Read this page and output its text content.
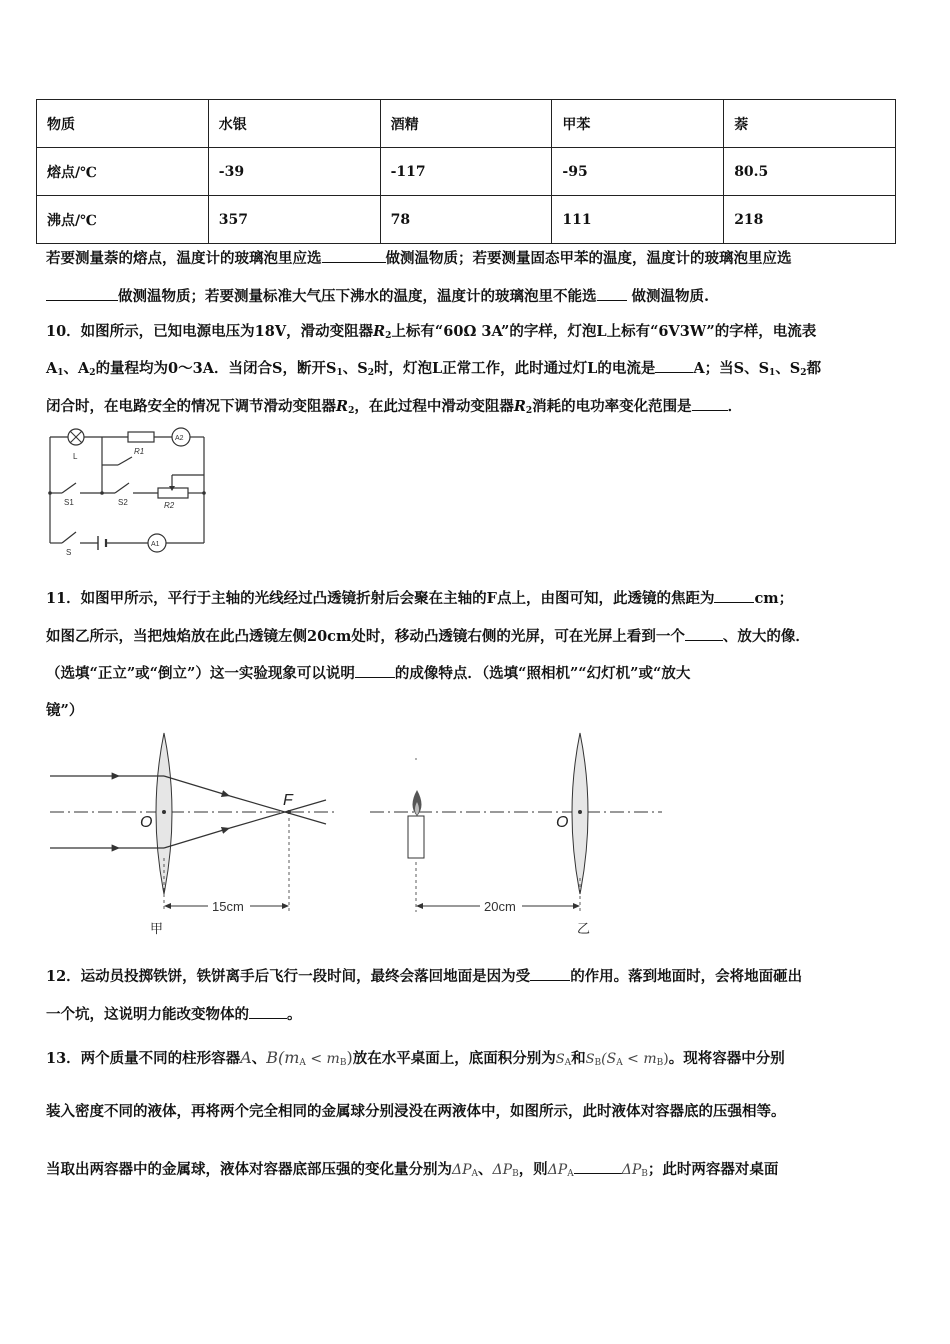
物质	水银	酒精	甲苯	萘
熔点/℃	-39	-117	-95	80.5
沸点/℃	357	78	111	218
若要测量萘的熔点，温度计的玻璃泡里应选	做测温物质；若要测量固态甲苯的温度，温度计的玻璃泡里应选
做测温物质；若要测量标准大气压下沸水的温度，温度计的玻璃泡里不能选 做测温物质.
10．如图所示，已知电源电压为18V，滑动变阻器$R_2$上标有“60Ω 3A”的字样，灯泡L上标有“6V3W”的字样，电流表
$A_1$、$A_2$的量程均为0～3A．当闭合S，断开$S_1$、$S_2$时，灯泡L正常工作，此时通过灯L的电流是	A；当S、$S_1$、$S_2$都
闭合时，在电路安全的情况下调节滑动变阻器$R_2$，在此过程中滑动变阻器$R_2$消耗的电功率变化范围是 ．
L
R1
A2
S1	S2	R2
S
A1
11．如图甲所示，平行于主轴的光线经过凸透镜折射后会聚在主轴的F点上，由图可知，此透镜的焦距为	cm；
如图乙所示，当把烛焰放在此凸透镜左侧20cm处时，移动凸透镜右侧的光屏，可在光屏上看到一个	、放大的像．
（选填“正立”或“倒立”）这一实验现象可以说明	的成像特点．（选填“照相机”“幻灯机”或“放大
镜”）
O
F
15cm
甲
O
20cm
乙
12．运动员投掷铁饼，铁饼离手后飞行一段时间，最终会落回地面是因为受	的作用。落到地面时，会将地面砸出
一个坑，这说明力能改变物体的	。
13．两个质量不同的柱形容器A、$B(m_A < m_B)$放在水平桌面上，底面积分别为$S_A$和$S_B(S_A < m_B)$。现将容器中分别
装入密度不同的液体，再将两个完全相同的金属球分别浸没在两液体中，如图所示，此时液体对容器底的压强相等。
当取出两容器中的金属球，液体对容器底部压强的变化量分别为$\Delta P_A$、$\Delta P_B$，则$\Delta P_A$	$\Delta P_B$；此时两容器对桌面
